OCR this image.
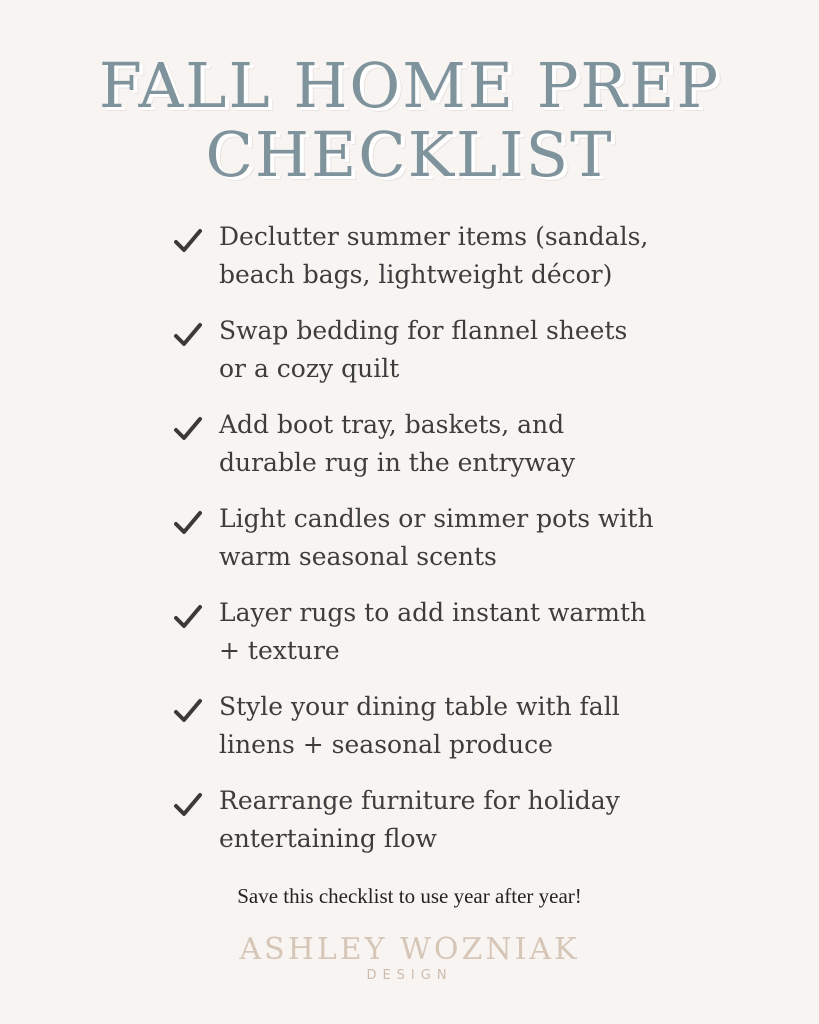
FALL HOME PREP
CHECKLIST
Declutter summer items (sandals,
beach bags, lightweight décor)
Swap bedding for flannel sheets
or a cozy quilt
Add boot tray, baskets, and
durable rug in the entryway
Light candles or simmer pots with
warm seasonal scents
Layer rugs to add instant warmth
+ texture
Style your dining table with fall
linens + seasonal produce
Rearrange furniture for holiday
entertaining flow
Save this checklist to use year after year!
ASHLEY WOZNIAK
DESIGN
